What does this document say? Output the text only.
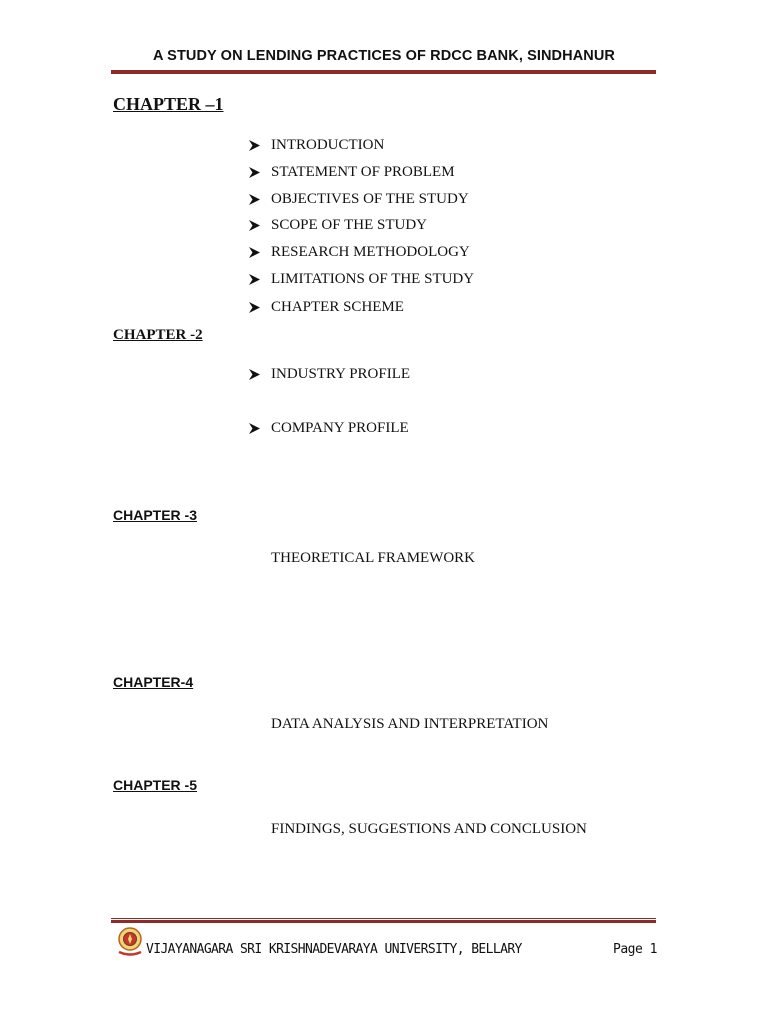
A STUDY ON LENDING PRACTICES OF RDCC BANK, SINDHANUR
CHAPTER –1
INTRODUCTION
STATEMENT OF PROBLEM
OBJECTIVES OF THE STUDY
SCOPE OF THE STUDY
RESEARCH METHODOLOGY
LIMITATIONS OF THE STUDY
CHAPTER SCHEME
CHAPTER -2
INDUSTRY PROFILE
COMPANY PROFILE
CHAPTER -3
THEORETICAL FRAMEWORK
CHAPTER-4
DATA ANALYSIS AND INTERPRETATION
CHAPTER -5
FINDINGS, SUGGESTIONS AND CONCLUSION
VIJAYANAGARA SRI KRISHNADEVARAYA UNIVERSITY, BELLARY	Page 1
